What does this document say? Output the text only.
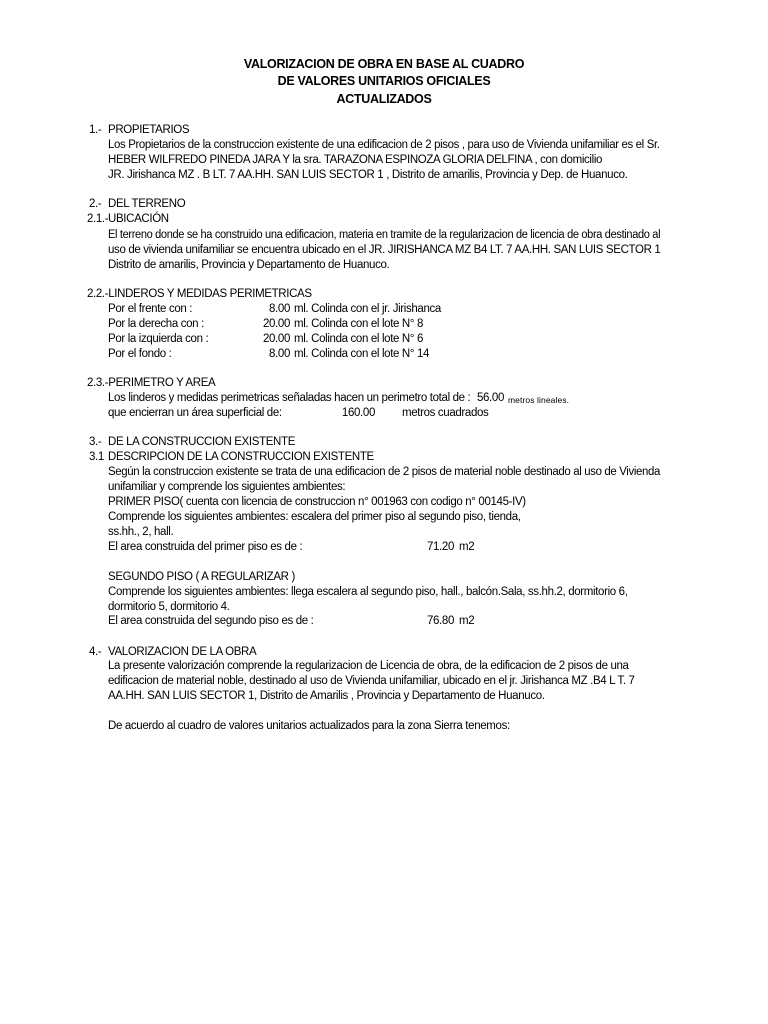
VALORIZACION DE OBRA EN BASE AL CUADRO
DE VALORES UNITARIOS OFICIALES
ACTUALIZADOS
1.- PROPIETARIOS
Los Propietarios de la construccion existente de una edificacion de 2 pisos , para uso de Vivienda unifamiliar es el Sr.
HEBER WILFREDO PINEDA JARA Y la sra. TARAZONA ESPINOZA GLORIA DELFINA , con domicilio
JR. Jirishanca MZ . B LT. 7 AA.HH. SAN LUIS SECTOR 1 , Distrito de amarilis, Provincia y Dep. de Huanuco.
2.- DEL TERRENO
2.1.- UBICACIÓN
El terreno donde se ha construido una edificacion, materia en tramite de la regularizacion de licencia de obra destinado al
uso de vivienda unifamiliar se encuentra ubicado en el JR. JIRISHANCA MZ B4 LT. 7 AA.HH. SAN LUIS SECTOR 1
Distrito de amarilis, Provincia y Departamento de Huanuco.
2.2.-LINDEROS Y MEDIDAS PERIMETRICAS
Por el frente con :	8.00 ml. Colinda con el jr. Jirishanca
Por la derecha con :	20.00 ml. Colinda con el lote N° 8
Por la izquierda con :	20.00 ml. Colinda con el lote N° 6
Por el fondo :	8.00 ml. Colinda con el lote N° 14
2.3.-PERIMETRO Y AREA
Los linderos y medidas perimetricas señaladas hacen un perimetro total de : 56.00 metros lineales.
que encierran un área superficial de:	160.00 metros cuadrados
3.- DE LA CONSTRUCCION EXISTENTE
3.1 DESCRIPCION DE LA CONSTRUCCION EXISTENTE
Según la construccion existente se trata de una edificacion de 2 pisos de material noble destinado al uso de Vivienda
unifamiliar y comprende los siguientes ambientes:
PRIMER PISO( cuenta con licencia de construccion n° 001963 con codigo n° 00145-IV)
Comprende los siguientes ambientes: escalera del primer piso al segundo piso, tienda,
ss.hh., 2, hall.
El area construida del primer piso es de :	71.20 m2
SEGUNDO PISO ( A REGULARIZAR )
Comprende los siguientes ambientes: llega escalera al segundo piso, hall., balcón.Sala, ss.hh.2, dormitorio 6,
dormitorio 5, dormitorio 4.
El area construida del segundo piso es de :	76.80 m2
4.- VALORIZACION DE LA OBRA
La presente valorización comprende la regularizacion de Licencia de obra, de la edificacion de 2 pisos de una
edificacion de material noble, destinado al uso de Vivienda unifamiliar, ubicado en el jr. Jirishanca MZ .B4 L T. 7
AA.HH. SAN LUIS SECTOR 1, Distrito de Amarilis , Provincia y Departamento de Huanuco.
De acuerdo al cuadro de valores unitarios actualizados para la zona Sierra tenemos:
